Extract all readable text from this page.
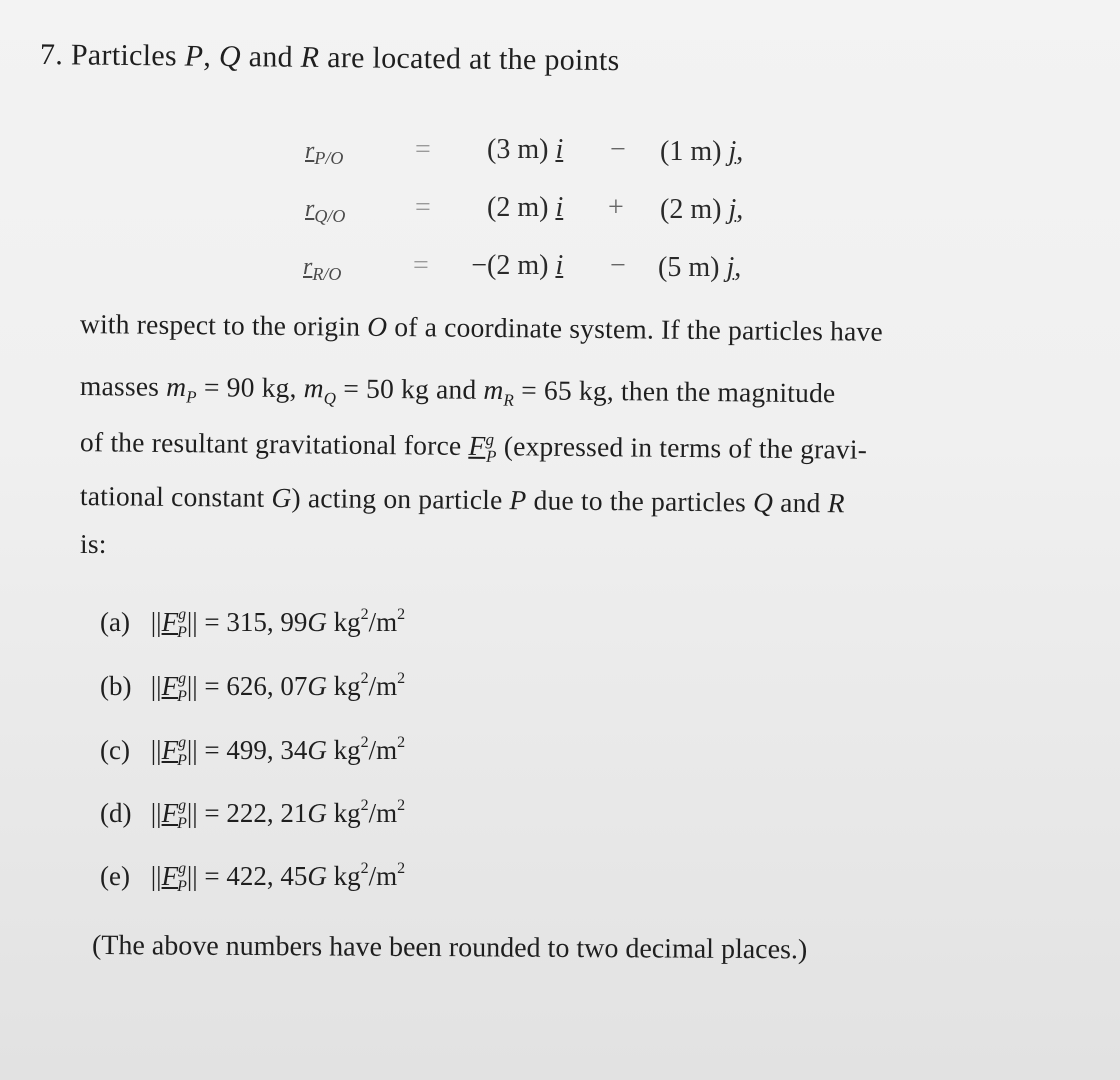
7. Particles P, Q and R are located at the points
$r_{P/O}$	= (3 m) i − (1 m) j,
$r_{Q/O} = (2$ m) i + (2 m) j,
$r_{R/O}$	=	− (2 m) i − (5 m) j,
with respect to the origin O of a coordinate system. If the particles have
masses $m_P = 90$ kg, $m_Q = 50$ kg and $m_R = 65$ kg, then the magnitude
of the resultant gravitational force $F^g_P$ (expressed in terms of the gravi-
tational constant G) acting on particle P due to the particles Q and R
is:
(a) $||F^g_P|| = 315$, 99G $kg^2/m^2$
(b) $||F^g_P|| = 626$, 07G $kg^2/m^2$
(c) $||F^g_P|| = 499$, 34G $kg^2/m^2$
(d) $||F^g_P|| = 222$, 21G $kg^2/m^2$
(e) $||F^g_P|| = 422$, 45G $kg^2/m^2$
(The above numbers have been rounded to two decimal places.)
